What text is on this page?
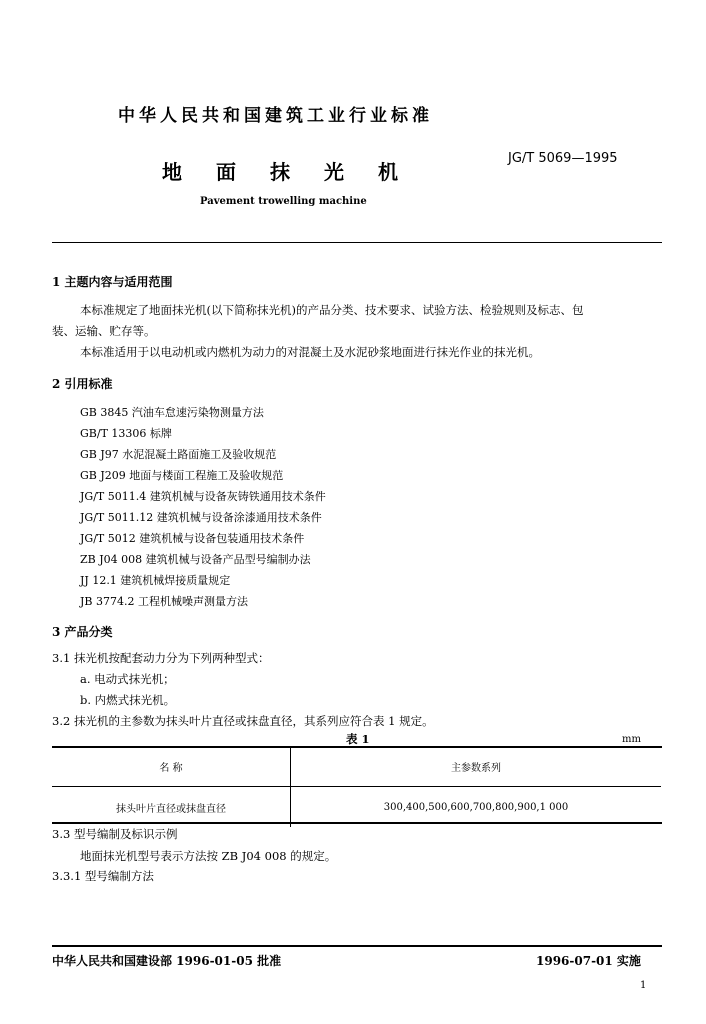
中华人民共和国建筑工业行业标准
地面抹光机
JG/T 5069—1995
Pavement trowelling machine
1 主题内容与适用范围
本标准规定了地面抹光机(以下简称抹光机)的产品分类、技术要求、试验方法、检验规则及标志、包
装、运输、贮存等。
本标准适用于以电动机或内燃机为动力的对混凝土及水泥砂浆地面进行抹光作业的抹光机。
2 引用标准
GB 3845 汽油车怠速污染物测量方法
GB/T 13306 标牌
GB J97 水泥混凝土路面施工及验收规范
GB J209 地面与楼面工程施工及验收规范
JG/T 5011.4 建筑机械与设备灰铸铁通用技术条件
JG/T 5011.12 建筑机械与设备涂漆通用技术条件
JG/T 5012 建筑机械与设备包装通用技术条件
ZB J04 008 建筑机械与设备产品型号编制办法
JJ 12.1 建筑机械焊接质量规定
JB 3774.2 工程机械噪声测量方法
3 产品分类
3.1 抹光机按配套动力分为下列两种型式：
a. 电动式抹光机；
b. 内燃式抹光机。
3.2 抹光机的主参数为抹头叶片直径或抹盘直径，其系列应符合表 1 规定。
表 1	mm
名 称	主参数系列
抹头叶片直径或抹盘直径	300,400,500,600,700,800,900,1 000
3.3 型号编制及标识示例
地面抹光机型号表示方法按 ZB J04 008 的规定。
3.3.1 型号编制方法
中华人民共和国建设部 1996-01-05 批准	1996-07-01 实施
1
